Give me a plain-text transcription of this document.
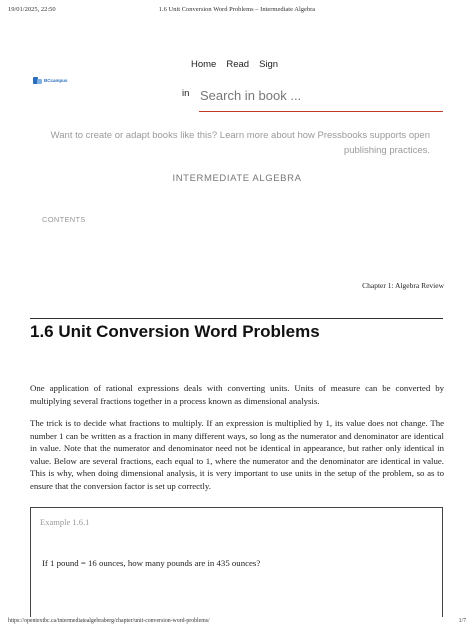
19/01/2025, 22:50	1.6 Unit Conversion Word Problems – Intermediate Algebra
Home Read Sign
BCcampus
in
Search in book ...
Want to create or adapt books like this? Learn more about how Pressbooks supports open publishing practices.
INTERMEDIATE ALGEBRA
CONTENTS
Chapter 1: Algebra Review
1.6 Unit Conversion Word Problems

One application of rational expressions deals with converting units. Units of measure can be converted by multiplying several fractions together in a process known as dimensional analysis.

The trick is to decide what fractions to multiply. If an expression is multiplied by 1, its value does not change. The number 1 can be written as a fraction in many different ways, so long as the numerator and denominator are identical in value. Note that the numerator and denominator need not be identical in appearance, but rather only identical in value. Below are several fractions, each equal to 1, where the numerator and the denominator are identical in value. This is why, when doing dimensional analysis, it is very important to use units in the setup of the problem, so as to ensure that the conversion factor is set up correctly.

Example 1.6.1
If 1 pound = 16 ounces, how many pounds are in 435 ounces?
https://opentextbc.ca/intermediatealgebraberg/chapter/unit-conversion-word-problems/	1/7
